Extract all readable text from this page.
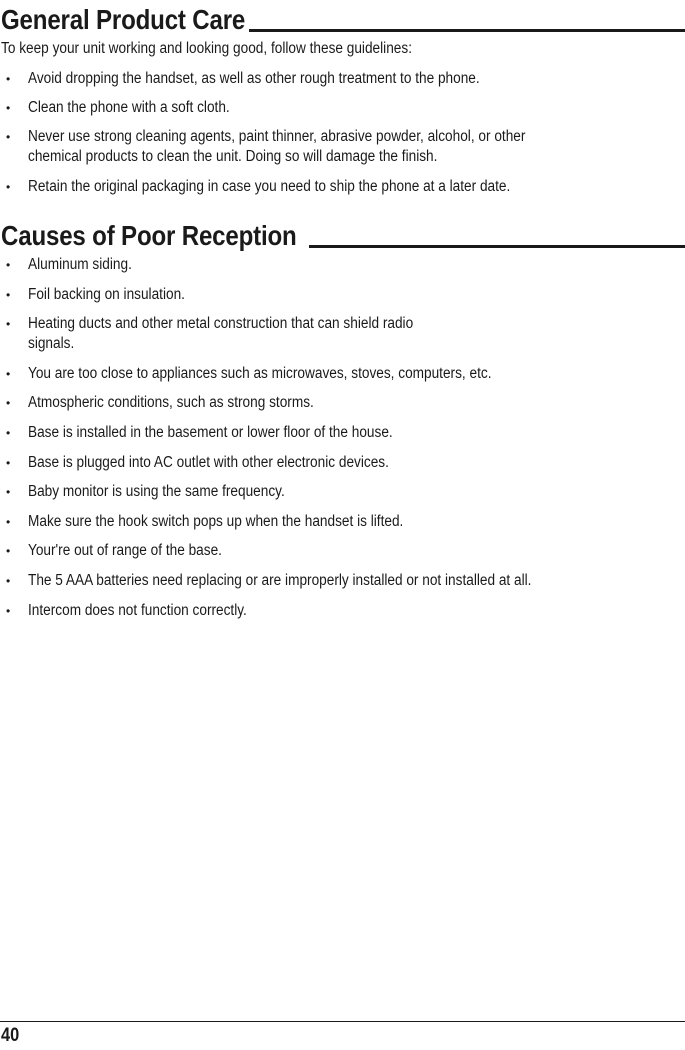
General Product Care
To keep your unit working and looking good, follow these guidelines:
• Avoid dropping the handset, as well as other rough treatment to the phone.
• Clean the phone with a soft cloth.
• Never use strong cleaning agents, paint thinner, abrasive powder, alcohol, or other
chemical products to clean the unit. Doing so will damage the finish.
• Retain the original packaging in case you need to ship the phone at a later date.
Causes of Poor Reception
• Aluminum siding.
• Foil backing on insulation.
• Heating ducts and other metal construction that can shield radio
signals.
• You are too close to appliances such as microwaves, stoves, computers, etc.
• Atmospheric conditions, such as strong storms.
• Base is installed in the basement or lower floor of the house.
• Base is plugged into AC outlet with other electronic devices.
• Baby monitor is using the same frequency.
• Make sure the hook switch pops up when the handset is lifted.
• Your're out of range of the base.
• The 5 AAA batteries need replacing or are improperly installed or not installed at all.
• Intercom does not function correctly.
40
